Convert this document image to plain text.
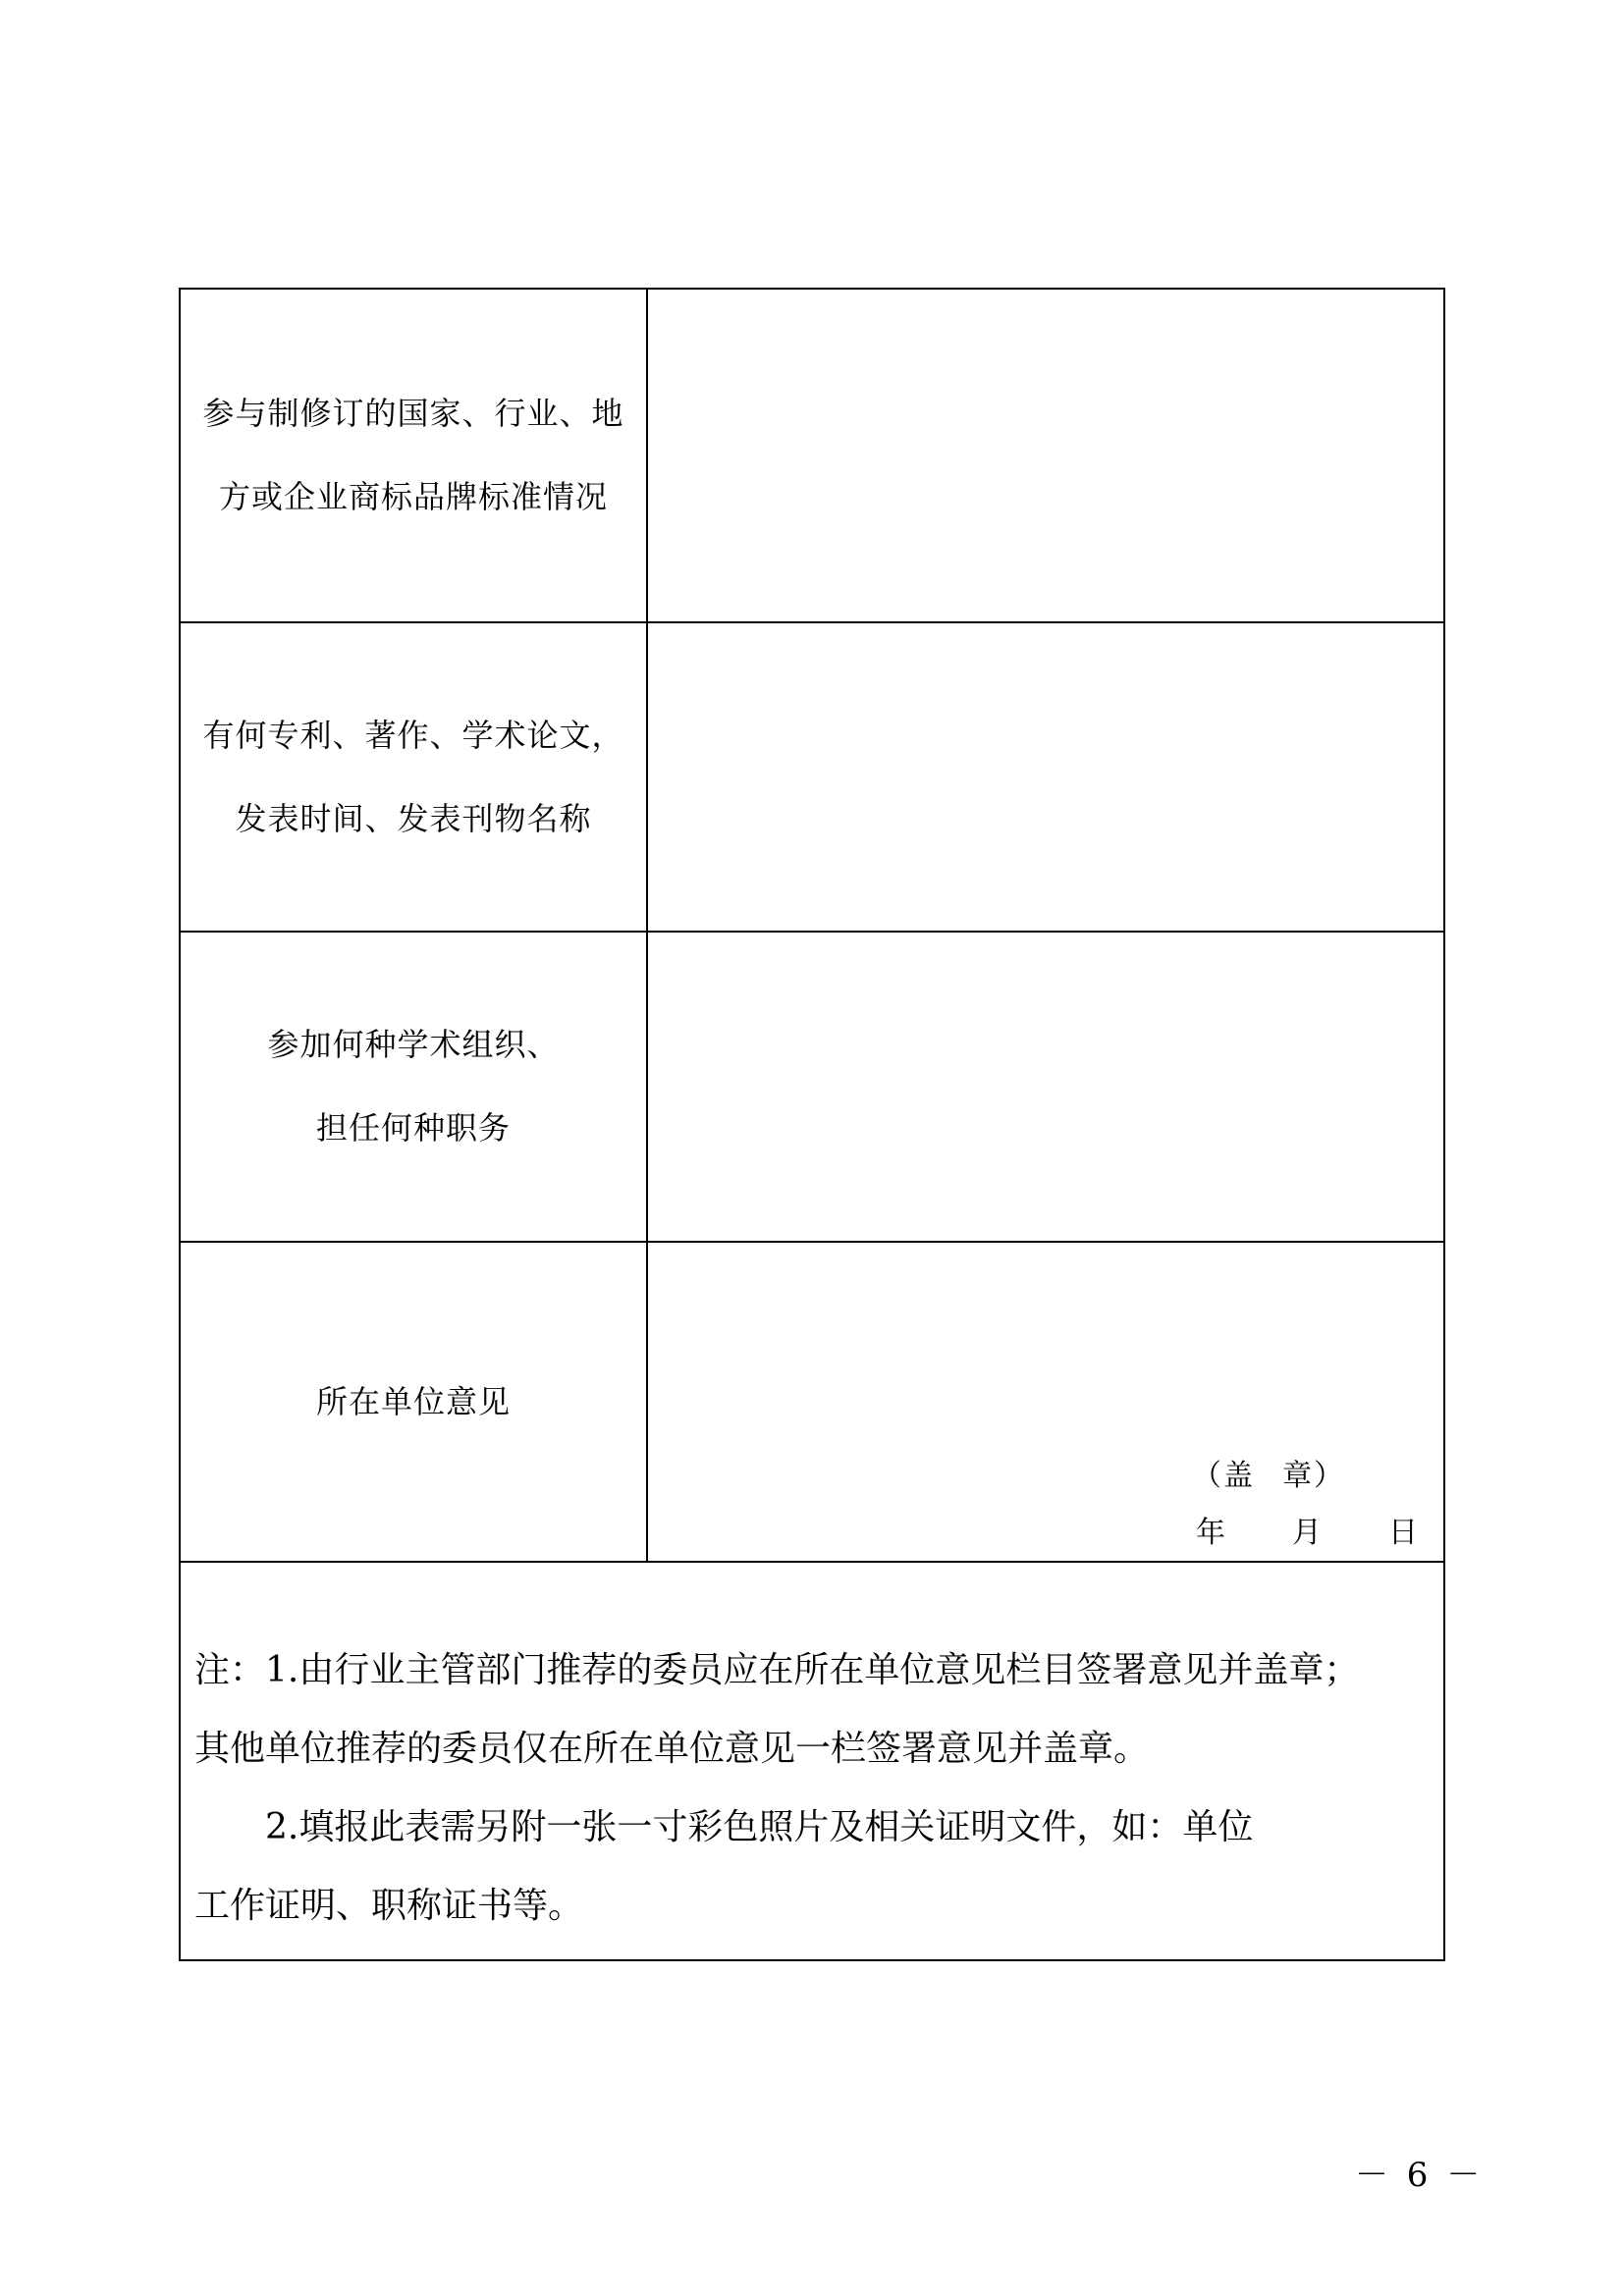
参与制修订的国家、行业、地
方或企业商标品牌标准情况
有何专利、著作、学术论文，
发表时间、发表刊物名称
参加何种学术组织、
担任何种职务
所在单位意见
（盖 章）
年 月 日

注：1.由行业主管部门推荐的委员应在所在单位意见栏目签署意见并盖章；

其他单位推荐的委员仅在所在单位意见一栏签署意见并盖章。

2.填报此表需另附一张一寸彩色照片及相关证明文件，如：单位

工作证明、职称证书等。

－ 6 －
